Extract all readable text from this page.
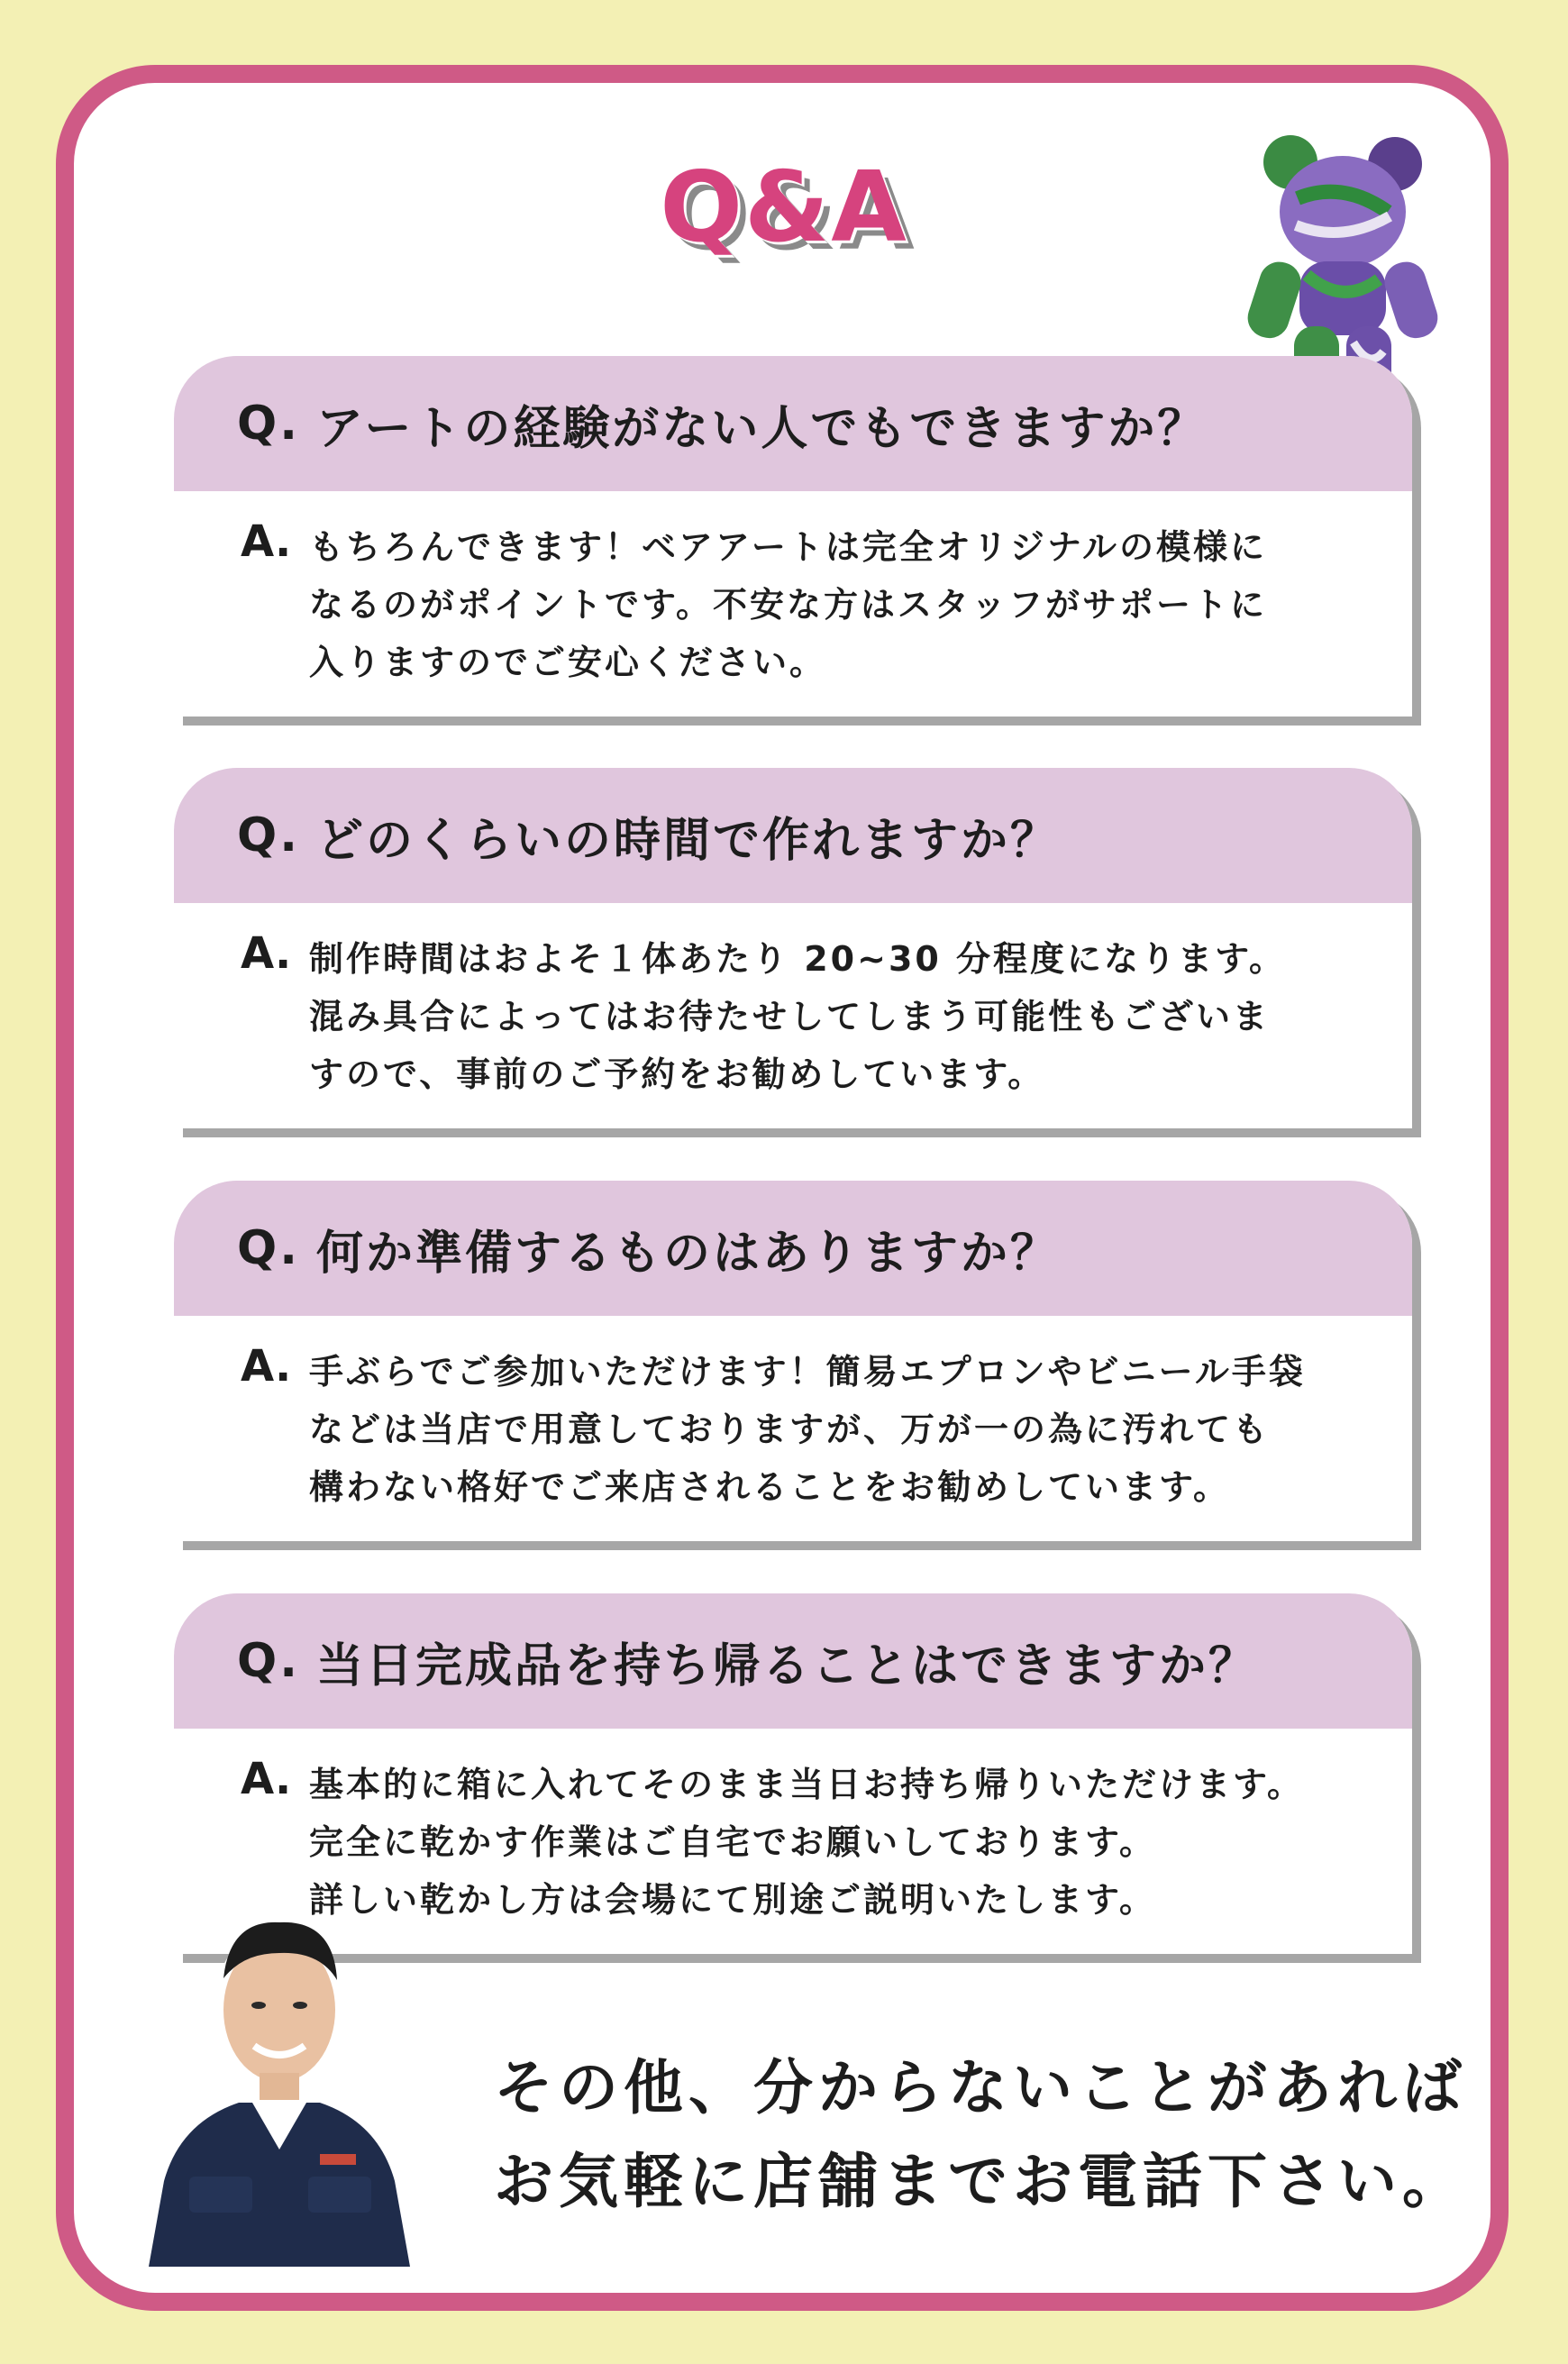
Q&A
Q. アートの経験がない人でもできますか？
A. もちろんできます！ベアアートは完全オリジナルの模様に
なるのがポイントです。不安な方はスタッフがサポートに
入りますのでご安心ください。
Q. どのくらいの時間で作れますか？
A. 制作時間はおよそ１体あたり 20~30 分程度になります。
混み具合によってはお待たせしてしまう可能性もございま
すので、事前のご予約をお勧めしています。
Q. 何か準備するものはありますか？
A. 手ぶらでご参加いただけます！簡易エプロンやビニール手袋
などは当店で用意しておりますが、万が一の為に汚れても
構わない格好でご来店されることをお勧めしています。
Q. 当日完成品を持ち帰ることはできますか？
A. 基本的に箱に入れてそのまま当日お持ち帰りいただけます。
完全に乾かす作業はご自宅でお願いしております。
詳しい乾かし方は会場にて別途ご説明いたします。
その他、分からないことがあれば
お気軽に店舗までお電話下さい。
